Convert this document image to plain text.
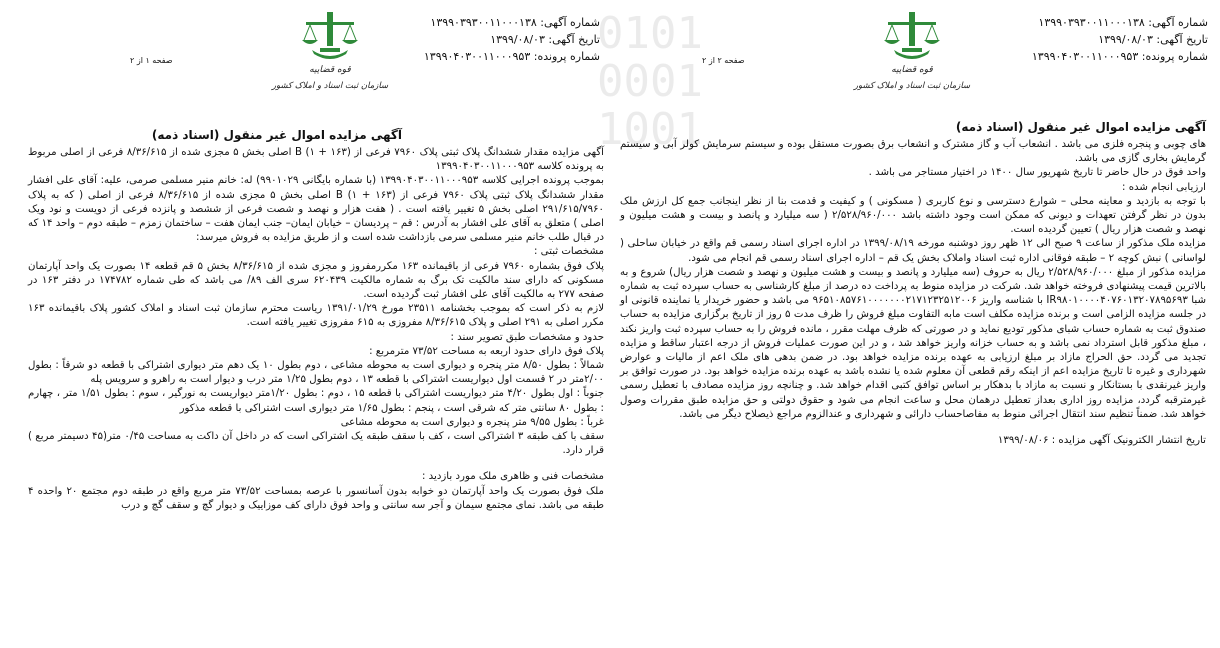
0101 0001 1001
شماره آگهی: ۱۳۹۹۰۳۹۳۰۰۱۱۰۰۰۱۳۸
تاریخ آگهی: ۱۳۹۹/۰۸/۰۳
شماره پرونده: ۱۳۹۹۰۴۰۳۰۰۱۱۰۰۰۹۵۳
قوه قضاییه
سازمان ثبت اسناد و املاک کشور
صفحه ۱ از ۲
آگهی مزایده اموال غیر منقول (اسناد ذمه)

آگهی مزایده مقدار ششدانگ پلاک ثبتی پلاک ۷۹۶۰ فرعی از (۱۶۳ + ۱) B اصلی بخش ۵ مجزی شده از ۸/۳۶/۶۱۵ فرعی از اصلی مربوط به پرونده کلاسه ۱۳۹۹۰۴۰۳۰۰۱۱۰۰۰۹۵۳

بموجب پرونده اجرایی کلاسه ۱۳۹۹۰۴۰۳۰۰۱۱۰۰۰۹۵۳ (با شماره بایگانی ۹۹۰۱۰۲۹) له: خانم منیر مسلمی صرمی، علیه: آقای علی افشار مقدار ششدانگ پلاک ثبتی پلاک ۷۹۶۰ فرعی از (۱۶۳ + ۱) B اصلی بخش ۵ مجزی شده از ۸/۳۶/۶۱۵ فرعی از اصلی ( که به پلاک ۲۹۱/۶۱۵/۷۹۶۰ اصلی بخش ۵ تغییر یافته است . ( هفت هزار و نهصد و شصت فرعی از ششصد و پانزده فرعی از دویست و نود ویک اصلی ) متعلق به آقای علی افشار به آدرس : قم – پردیسان – خیابان ایمان– جنب ایمان هفت – ساختمان زمزم – طبقه دوم – واحد ۱۴ که در قبال طلب خانم منیر مسلمی سرمی بازداشت شده است و از طریق مزایده به فروش میرسد:

مشخصات ثبتی :

پلاک فوق بشماره ۷۹۶۰ فرعی از باقیمانده ۱۶۳ مکررمفروز و مجزی شده از ۸/۳۶/۶۱۵ بخش ۵ قم قطعه ۱۴ بصورت یک واحد آپارتمان مسکونی که دارای سند مالکیت تک برگ به شماره مالکیت ۶۲۰۴۳۹ سری الف ۸۹/ می باشد که طی شماره ۱۷۴۷۸۲ در دفتر ۱۶۳ در صفحه ۲۷۷ به مالکیت آقای علی افشار ثبت گردیده است.

لازم به ذکر است که بموجب بخشنامه ۲۳۵۱۱ مورخ ۱۳۹۱/۰۱/۲۹ ریاست محترم سازمان ثبت اسناد و املاک کشور پلاک باقیمانده ۱۶۳ مکرر اصلی به ۲۹۱ اصلی و پلاک ۸/۳۶/۶۱۵ مفروزی به ۶۱۵ مفروزی تغییر یافته است.

حدود و مشخصات طبق تصویر سند :

پلاک فوق دارای حدود اربعه به مساحت ۷۳/۵۲ مترمربع :

شمالاً : بطول ۸/۵۰ متر پنجره و دیواری است به محوطه مشاعی ، دوم بطول ۱۰ یک دهم متر دیواری اشتراکی با قطعه دو شرقاً : بطول ۲/۰۰متر در ۲ قسمت اول دیواریست اشتراکی با قطعه ۱۳ ، دوم بطول ۱/۲۵ متر درب و دیوار است به راهرو و سرویس پله

جنوباً : اول بطول ۴/۲۰ متر دیواریست اشتراکی با قطعه ۱۵ ، دوم : بطول ۱/۲۰متر دیواریست به نورگیر ، سوم : بطول ۱/۵۱ متر ، چهارم : بطول ۸۰ سانتی متر که شرقی است ، پنجم : بطول ۱/۶۵ متر دیواری است اشتراکی با قطعه مذکور

غرباً : بطول ۹/۵۵ متر پنجره و دیواری است به محوطه مشاعی

سقف با کف طبقه ۳ اشتراکی است ، کف با سقف طبقه یک اشتراکی است که در داخل آن داکت به مساحت ۰/۴۵ متر(۴۵ دسیمتر مربع ) قرار دارد.

مشخصات فنی و ظاهری ملک مورد بازدید :

ملک فوق بصورت یک واحد آپارتمان دو خوابه بدون آسانسور با عرصه بمساحت ۷۳/۵۲ متر مربع واقع در طبقه دوم مجتمع ۲۰ واحده ۴ طبقه می باشد. نمای مجتمع سیمان و آجر سه سانتی و واحد فوق دارای کف موزاییک و دیوار گچ و سقف گچ و درب

شماره آگهی: ۱۳۹۹۰۳۹۳۰۰۱۱۰۰۰۱۳۸
تاریخ آگهی: ۱۳۹۹/۰۸/۰۳
شماره پرونده: ۱۳۹۹۰۴۰۳۰۰۱۱۰۰۰۹۵۳
قوه قضاییه
سازمان ثبت اسناد و املاک کشور
صفحه ۲ از ۲
آگهی مزایده اموال غیر منقول (اسناد ذمه)

های چوبی و پنجره فلزی می باشد . انشعاب آب و گاز مشترک و انشعاب برق بصورت مستقل بوده و سیستم سرمایش کولر آبی و سیستم گرمایش بخاری گازی می باشد.

واحد فوق در حال حاضر تا تاریخ شهریور سال ۱۴۰۰ در اختیار مستاجر می باشد .

ارزیابی انجام شده :

با توجه به بازدید و معاینه محلی – شوارع دسترسی و نوع کاربری ( مسکونی ) و کیفیت و قدمت بنا از نظر اینجانب جمع کل ارزش ملک بدون در نظر گرفتن تعهدات و دیونی که ممکن است وجود داشته باشد ۲/۵۲۸/۹۶۰/۰۰۰ ( سه میلیارد و پانصد و بیست و هشت میلیون و نهصد و شصت هزار ریال ) تعیین گردیده است.

مزایده ملک مذکور از ساعت ۹ صبح الی ۱۲ ظهر روز دوشنبه مورخه ۱۳۹۹/۰۸/۱۹ در اداره اجرای اسناد رسمی قم واقع در خیابان ساحلی ( لواسانی ) نبش کوچه ۲ – طبقه فوقانی اداره ثبت اسناد واملاک بخش یک قم – اداره اجرای اسناد رسمی قم انجام می شود.

مزایده مذکور از مبلغ ۲/۵۲۸/۹۶۰/۰۰۰ ریال به حروف (سه میلیارد و پانصد و بیست و هشت میلیون و نهصد و شصت هزار ریال) شروع و به بالاترین قیمت پیشنهادی فروخته خواهد شد. شرکت در مزایده منوط به پرداخت ده درصد از مبلغ کارشناسی به حساب سپرده ثبت به شماره شبا IR۹۸۰۱۰۰۰۰۴۰۷۶۰۱۳۲۰۷۸۹۵۶۹۳ با شناسه واریز ۹۶۵۱۰۸۵۷۶۱۰۰۰۰۰۰۰۲۱۷۱۲۳۲۵۱۲۰۰۶ می باشد و حضور خریدار یا نماینده قانونی او در جلسه مزایده الزامی است و برنده مزایده مکلف است مابه التفاوت مبلغ فروش را ظرف مدت ۵ روز از تاریخ برگزاری مزایده به حساب صندوق ثبت به شماره حساب شبای مذکور تودیع نماید و در صورتی که ظرف مهلت مقرر ، مانده فروش را به حساب سپرده ثبت واریز نکند ، مبلغ مذکور قابل استرداد نمی باشد و به حساب خزانه واریز خواهد شد ، و در این صورت عملیات فروش از درجه اعتبار ساقط و مزایده تجدید می گردد. حق الحراج مازاد بر مبلغ ارزیابی به عهده برنده مزایده خواهد بود. در ضمن بدهی های ملک اعم از مالیات و عوارض شهرداری و غیره تا تاریخ مزایده اعم از اینکه رقم قطعی آن معلوم شده یا نشده باشد به عهده برنده مزایده خواهد بود. در صورت توافق بر واریز غیرنقدی با بستانکار و نسبت به مازاد با بدهکار بر اساس توافق کتبی اقدام خواهد شد. و چنانچه روز مزایده مصادف با تعطیل رسمی غیرمترقبه گردد، مزایده روز اداری بعداز تعطیل درهمان محل و ساعت انجام می شود و حقوق دولتی و حق مزایده طبق مقررات وصول خواهد شد. ضمناً تنظیم سند انتقال اجرائی منوط به مفاصاحساب دارائی و شهرداری و عندالزوم مراجع ذیصلاح دیگر می باشد.

تاریخ انتشار الکترونیک آگهی مزایده : ۱۳۹۹/۰۸/۰۶
